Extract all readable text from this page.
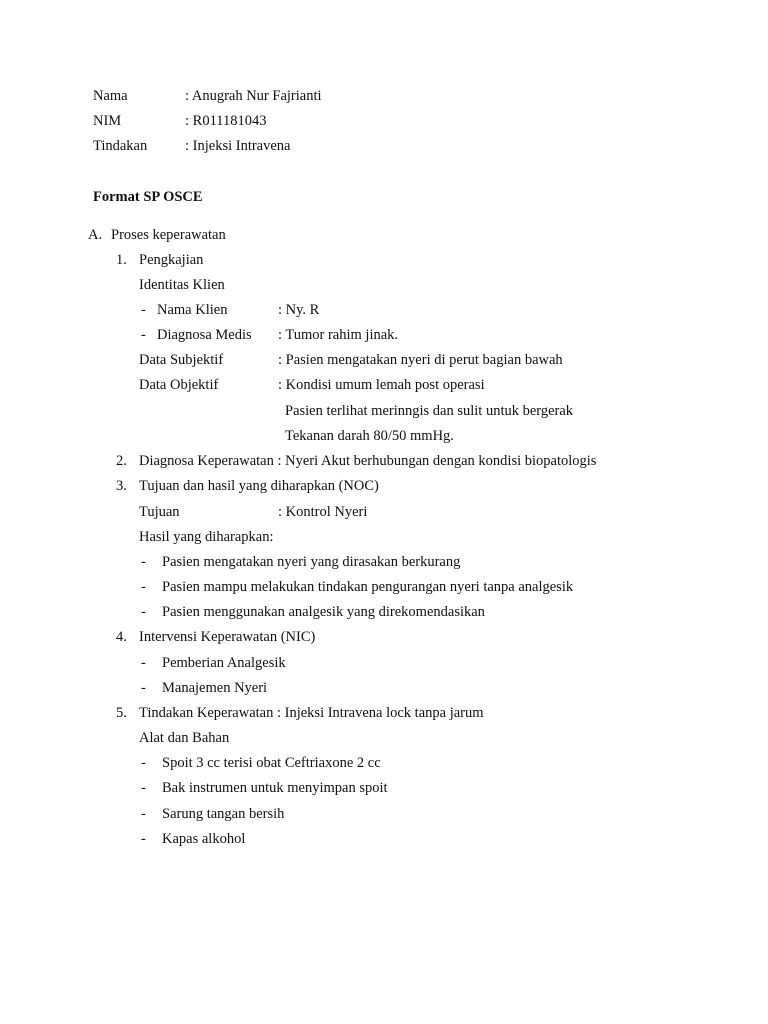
Nama	: Anugrah Nur Fajrianti
NIM	: R011181043
Tindakan	: Injeksi Intravena
Format SP OSCE
A. Proses keperawatan
1. Pengkajian
Identitas Klien
- Nama Klien	: Ny. R
- Diagnosa Medis : Tumor rahim jinak.
Data Subjektif	: Pasien mengatakan nyeri di perut bagian bawah
Data Objektif	: Kondisi umum lemah post operasi
Pasien terlihat merinngis dan sulit untuk bergerak
Tekanan darah 80/50 mmHg.
2. Diagnosa Keperawatan : Nyeri Akut berhubungan dengan kondisi biopatologis
3. Tujuan dan hasil yang diharapkan (NOC)
Tujuan	: Kontrol Nyeri
Hasil yang diharapkan:
- Pasien mengatakan nyeri yang dirasakan berkurang
- Pasien mampu melakukan tindakan pengurangan nyeri tanpa analgesik
- Pasien menggunakan analgesik yang direkomendasikan
4. Intervensi Keperawatan (NIC)
- Pemberian Analgesik
- Manajemen Nyeri
5. Tindakan Keperawatan : Injeksi Intravena lock tanpa jarum
Alat dan Bahan
- Spoit 3 cc terisi obat Ceftriaxone 2 cc
- Bak instrumen untuk menyimpan spoit
- Sarung tangan bersih
- Kapas alkohol
